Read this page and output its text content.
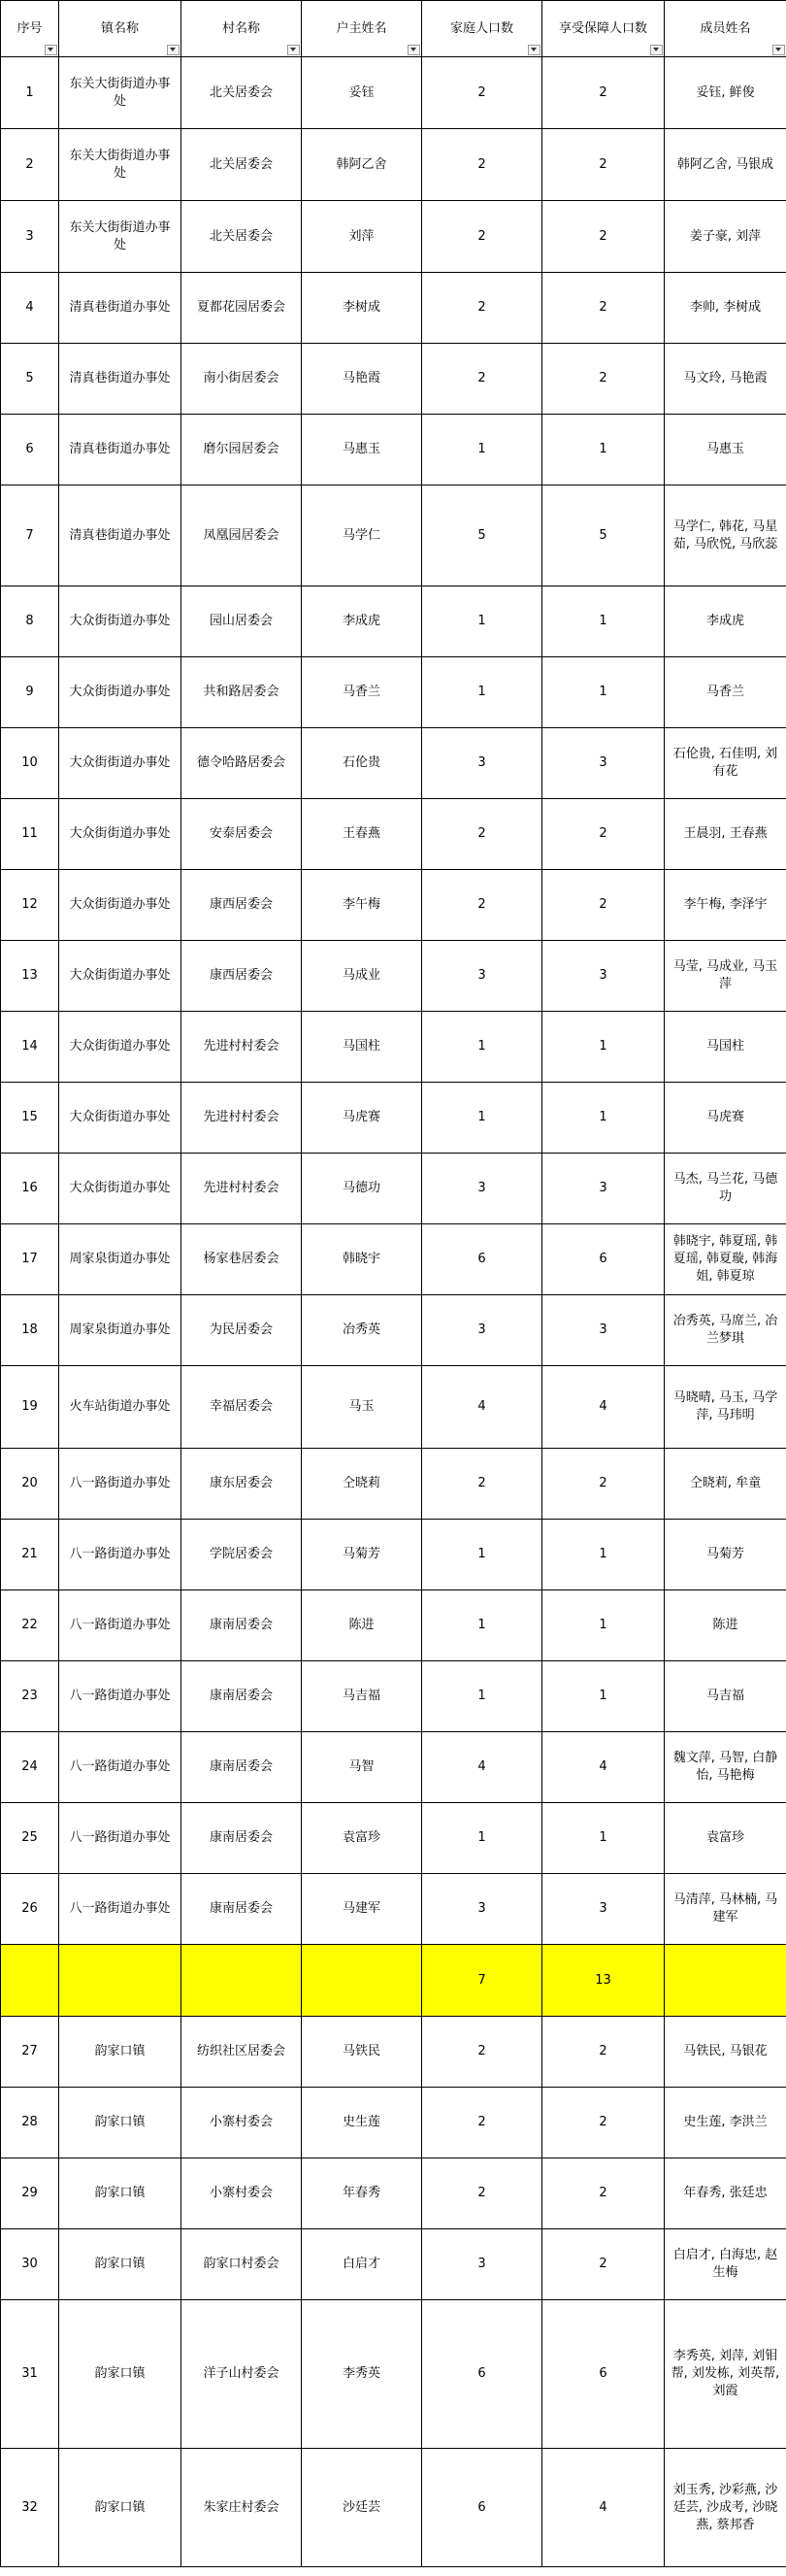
序号	镇名称	村名称	户主姓名	家庭人口数	享受保障人口数	成员姓名

1	东关大街街道办事处	北关居委会	妥钰	2	2	妥钰, 鲜俊
2	东关大街街道办事处	北关居委会	韩阿乙舍	2	2	韩阿乙舍, 马银成
3	东关大街街道办事处	北关居委会	刘萍	2	2	姜子豪, 刘萍
4	清真巷街道办事处	夏都花园居委会	李树成	2	2	李帅, 李树成
5	清真巷街道办事处	南小街居委会	马艳霞	2	2	马文玲, 马艳霞
6	清真巷街道办事处	磨尔园居委会	马惠玉	1	1	马惠玉
7	清真巷街道办事处	凤凰园居委会	马学仁	5	5	马学仁, 韩花, 马星茹, 马欣悦, 马欣蕊
8	大众街街道办事处	园山居委会	李成虎	1	1	李成虎
9	大众街街道办事处	共和路居委会	马香兰	1	1	马香兰
10	大众街街道办事处	德令哈路居委会	石伦贵	3	3	石伦贵, 石佳明, 刘有花
11	大众街街道办事处	安泰居委会	王春燕	2	2	王晨羽, 王春燕
12	大众街街道办事处	康西居委会	李午梅	2	2	李午梅, 李泽宇
13	大众街街道办事处	康西居委会	马成业	3	3	马莹, 马成业, 马玉萍
14	大众街街道办事处	先进村村委会	马国柱	1	1	马国柱
15	大众街街道办事处	先进村村委会	马虎赛	1	1	马虎赛
16	大众街街道办事处	先进村村委会	马德功	3	3	马杰, 马兰花, 马德功
17	周家泉街道办事处	杨家巷居委会	韩晓宇	6	6	韩晓宇, 韩夏瑶, 韩夏瑶, 韩夏璇, 韩海姐, 韩夏琼
18	周家泉街道办事处	为民居委会	冶秀英	3	3	冶秀英, 马席兰, 冶兰梦琪
19	火车站街道办事处	幸福居委会	马玉	4	4	马晓晴, 马玉, 马学萍, 马玮明
20	八一路街道办事处	康东居委会	仝晓莉	2	2	仝晓莉, 牟童
21	八一路街道办事处	学院居委会	马菊芳	1	1	马菊芳
22	八一路街道办事处	康南居委会	陈进	1	1	陈进
23	八一路街道办事处	康南居委会	马吉福	1	1	马吉福
24	八一路街道办事处	康南居委会	马智	4	4	魏文萍, 马智, 白静怡, 马艳梅
25	八一路街道办事处	康南居委会	袁富珍	1	1	袁富珍
26	八一路街道办事处	康南居委会	马建军	3	3	马清萍, 马林楠, 马建军
				7	13	
27	韵家口镇	纺织社区居委会	马铁民	2	2	马铁民, 马银花
28	韵家口镇	小寨村委会	史生莲	2	2	史生莲, 李洪兰
29	韵家口镇	小寨村委会	年春秀	2	2	年春秀, 张廷忠
30	韵家口镇	韵家口村委会	白启才	3	2	白启才, 白海忠, 赵生梅
31	韵家口镇	洋子山村委会	李秀英	6	6	李秀英, 刘萍, 刘钼帮, 刘发栋, 刘英帮, 刘霞
32	韵家口镇	朱家庄村委会	沙廷芸	6	4	刘玉秀, 沙彩燕, 沙廷芸, 沙成考, 沙晓燕, 蔡邦香
